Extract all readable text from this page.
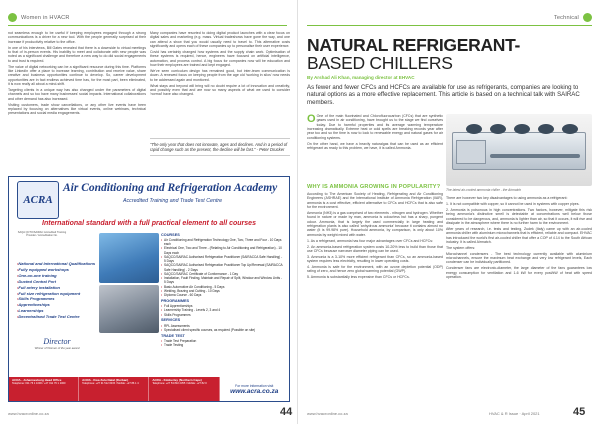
Women in HVACR

not seamless enough to be useful if keeping employees engaged through a strong communications is a driver for a new tool. With the people generally surprised at their increase if productivity relative to the office.

In one of his interviews, Bill Gates revealed that there is a downside to virtual meetings to that of in-person events. His inability to meet and collaborate with new people was noted as a significant challenge and therefore a new way to do did social engagements to and trust is required.

The value of digital networking can be a significant resource during this time. Platforms like LinkedIn offer a place to increase learning, contribution and receive value, share creative and business opportunities continue to develop. So, career development opportunities are in fact endless achieved time has, for the most part, been eliminated, it is now really all about a mind-shift.

Targeting clients in a unique way has also changed under the parameters of digital channels and so too have many businesses' social impacts. International collaborations and other demand has also increased.

Visiting customers, trade show cancellations, or any other live events have been replaced by focusing on alternatives like virtual events, online webinars, technical presentations and social media engagements.

Many companies have resorted to doing digital product launches with a clear focus on digital sales and marketing (e.g. mass. Virtual tradeshows have gone the way, and one can attend a show that you would usually need to travel to. This alternative costs significantly and opens each of these companies up to personalise their user experience.

Covid has certainly changed how systems and the supply chain work. Optimisation of these systems is required, hence, engineers have focused on artificial intelligence, automation, and process control. A big focus for companies now will be education and how their employees are trained and kept engaged.

We've seen curriculum design has remained good, but inter-team communication is down. A renewed focus on keeping people from the age old 'working in silos' now needs to be addressed again and monitored.

What stays and beyond will bring will no doubt require a lot of innovation and creativity, and possibly even that and are now so many aspects of what we used to consider 'normal' have also changed.

"The only year that does not innovate, ages and declines. And in a period of rapid change such as the present, the decline will be fast." - Peter Drucker
ACRA
Air Conditioning and Refrigeration Academy
Accredited Training and Trade Test Centre
International standard with a full practical element to all courses
SAQA QCTO/SAIRAC Accredited Training Provider / Accreditation No.
• National and International Qualifications
• Fully equipped workshops
• One-on-one training
• Ducted Central Port
• Full artery installation
• Full size refrigeration equipment
• Skills Programmes
• Apprenticeships
• Learnerships
• Decentralised Trade Test Centre
COURSES
• Air Conditioning and Refrigeration Technology One, Two, Three and Four - 10 Days each
• Electrical One, Two and Three - (Relating to Air Conditioning and Refrigeration) - 10 Days each
• SAQCC/SAIRAC Authorised Refrigeration Practitioner (SAIRACCA Safe Handling) - 5 Days
• SAQCC/SAIRAC Authorised Refrigeration Practitioner Top Up/Renewal (SAIRACCA Safe Handling) - 2 Days
• SAQCC/SAIRAC Certificate of Conformance - 1 Day
• Installation, Fault Finding, Maintain and Repair of Split, Window and Window Units - 5 Days
• Basic Automotive Air Conditioning - 5 Days
• Welding, Brazing and Cutting - 10 Days
• Diploma Course - 60 Days
PROGRAMMES
• Full Apprenticeships
• Learnership Training - Levels 2, 3 and 4
• Skills Programmes
SERVICES
• RPL Assessments
• Specialised client specific courses, as required (Possible on site)
TRADE TEST
• Trade Test Preparation
• Trade Testing
Director
Winner of Women of the year award
ACRA - Johannesburg Head Office
Telephone: 011 76 1 1000 / +27 011 76 1 1000
ACRA - Kwa Zulu Natal (Durban)
Telephone: +27 31 512 0015 / Mobile: +27 86 1 4
ACRA - Kimberley (Northern Cape)
Telephone: +27 53 832 2355 / Mobile: +27 82 0	For more information visit
www.acra.co.za
www.hvacronline.co.za	44
Technical
NATURAL REFRIGERANT-
BASED CHILLERS
By Arshad Ali Khan, managing director at EHVAC
As fewer and fewer CFCs and HCFCs are available for use as refrigerants, companies are looking to natural options as a more effective replacement. This article is based on a technical talk with SAIRAC members.

O One of the main fluorinated and Chlorofluorocarbon (CFCs) that are synthetic gases used in air conditioning, have brought us to the stage we find ourselves today. Due to harmful properties and its average warming temperature increasing dramatically. Extreme heat or cold spells are breaking records year after year too and so the time is now to look to renewable energy and natural gases for air conditioning systems.

On the other hand, we have a heavily naturalgas that can be used as an efficient refrigerant as ready to this problem, we have, it is called Ammonia.

The latest air-cooled ammonia chiller - the Airmatch
WHY IS AMMONIA GROWING IN POPULARITY?

According to The American Society of Heating, Refrigerating and Air Conditioning Engineers (ASHRAE) and the International Institute of Ammonia Refrigeration (IIAR), ammonia is a cost effective, efficient alternative to CFCs and HCFCs that is also safe for the environment.

Ammonia (NH3) is a gas comprised of two elements - nitrogen and hydrogen. Whether found in nature or made by man, ammonia is colourless but has a sharp, pungent odour. Ammonia, that is largely the used commercially in large heating and refrigeration plants is also called 'anhydrous ammonia' because it contains almost no water (it is 99.98% pure). Household ammonia, by comparison, is only about 10% ammonia by weight mixed with water.

1. As a refrigerant, ammonia has four major advantages over CFCs and HCFCs:

2. An ammonia-based refrigeration system costs 10-20% less to build than those that use CFCs because narrower diameter piping can be used.

3. Ammonia is a 3-10% more efficient refrigerant than CFCs, so an ammonia-based system requires less electricity, resulting in lower operating costs.

4. Ammonia is safe for the environment, with an ozone depletion potential (ODP) rating of zero, and hence zero global warming potential (GWP).

5. Ammonia is substantially less expensive than CFCs or HCFCs.

There are however two key disadvantages to using ammonia as a refrigerant:

1. It is not compatible with copper, so it cannot be used in systems with copper pipes.

2. Ammonia is poisonous in high concentrations. Two factors, however, mitigate this risk being ammonia's distinctive smell is detectable at concentrations well below those considered to be dangerous, and, ammonia is lighter than air, so that it occurs, it will rise and dissipate in the atmosphere where there is no further harm to the environment.

After years of research, i.e. tests and testing, Zudek (Italy) came up with an air-cooled ammonia chiller with aluminium microchannels that is efficient, reliable and compact. EHVAC has introduced the world's first air-cooled chiller that offer a COP of 4.14 to the South African industry. It is called Airmatch.

The system offers:

Microchannel condensers - The best technology currently available with aluminium microchannels, ensure the maximum heat exchange and very low refrigerant levels, Each condenser can be individually partitioned.

Condenser fans are electronic-diameter, the large diameter of the fans guarantees low energy consumption for ventilation and 1-6 kW for every post/kW of heat with speed operation.

www.hvacronline.co.za	HVAC & R Issue · April 2021	45
